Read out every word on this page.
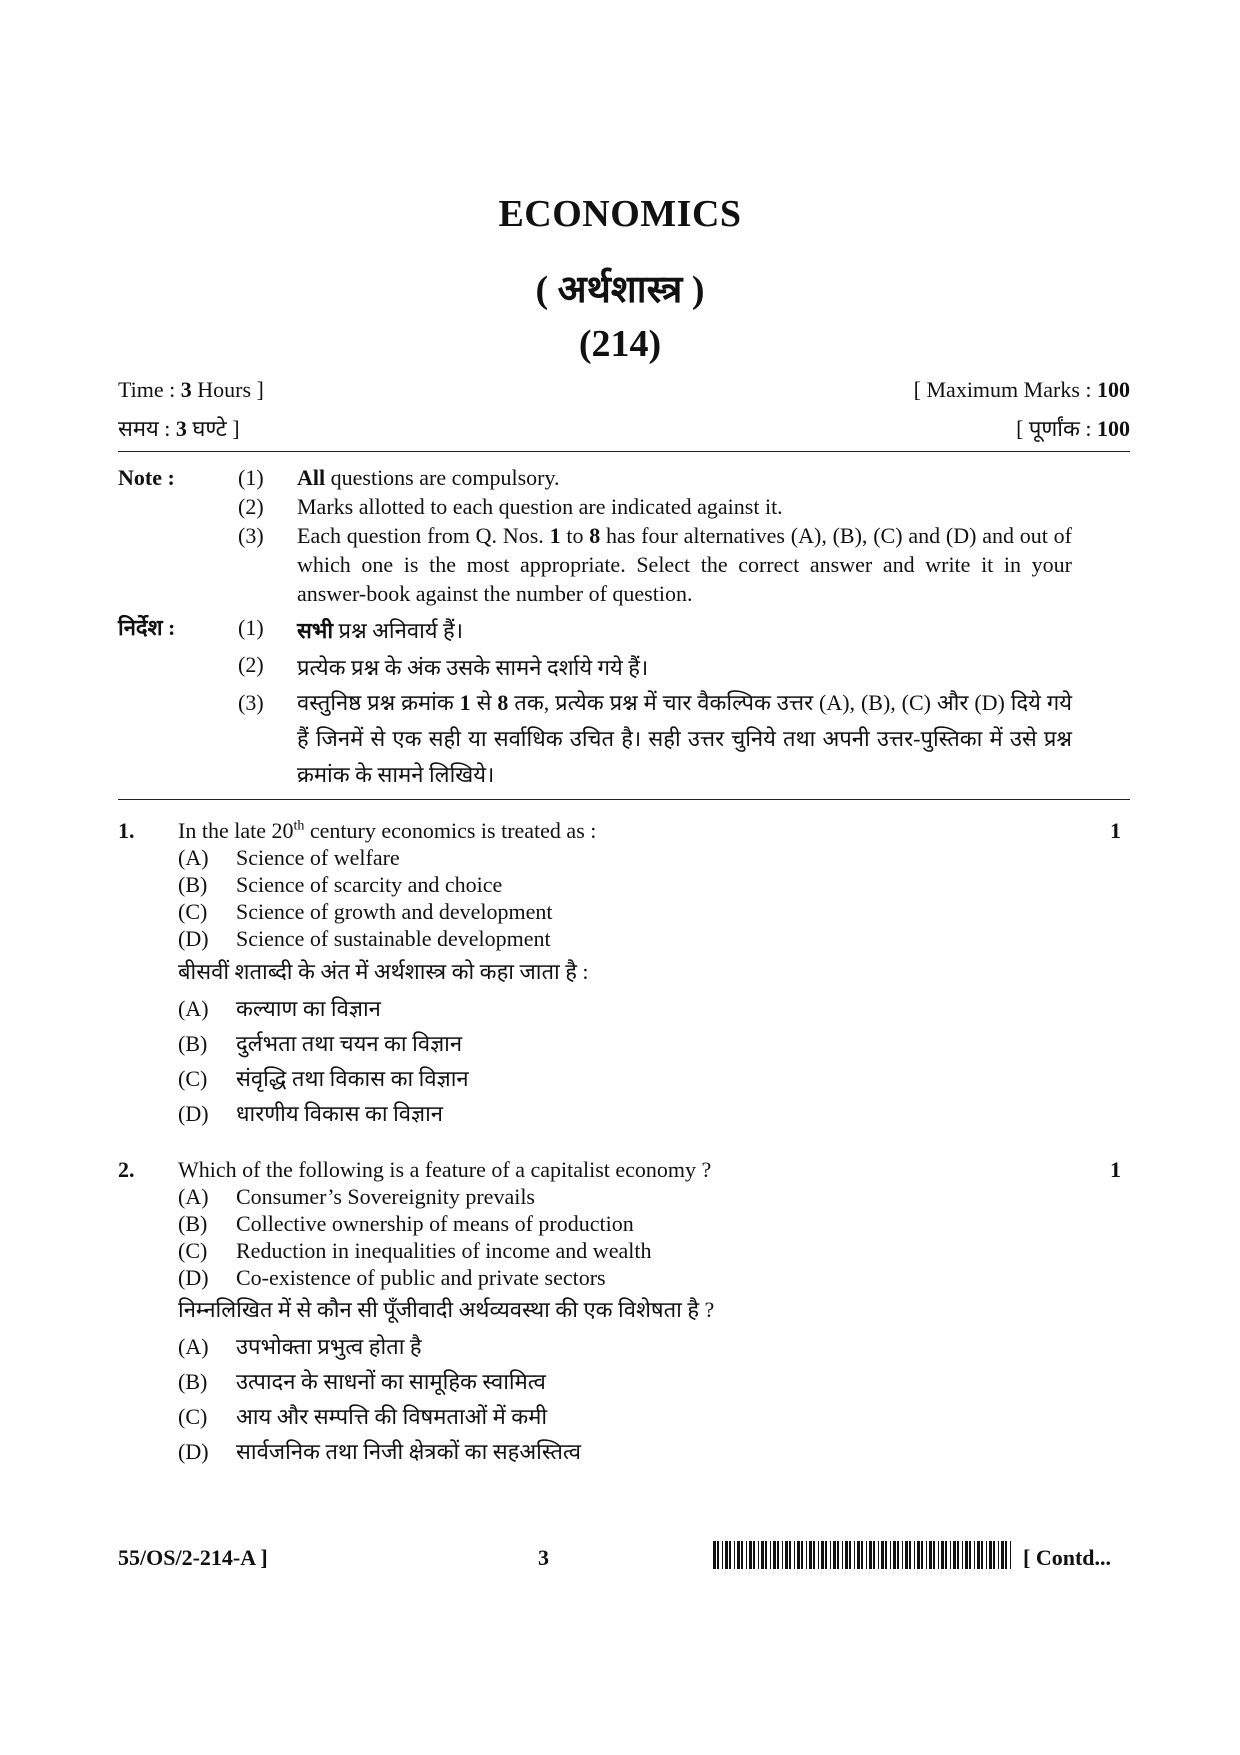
ECONOMICS
( अर्थशास्त्र )
(214)
Time : 3 Hours ]	[ Maximum Marks : 100
समय : 3 घण्टे ]	[ पूर्णांक : 100
Note :	(1) All questions are compulsory.
(2) Marks allotted to each question are indicated against it.
(3) Each question from Q. Nos. 1 to 8 has four alternatives (A), (B), (C) and (D) and out of which one is the most appropriate. Select the correct answer and write it in your answer-book against the number of question.
निर्देश :	(1) सभी प्रश्न अनिवार्य हैं।
(2) प्रत्येक प्रश्न के अंक उसके सामने दर्शाये गये हैं।
(3) वस्तुनिष्ठ प्रश्न क्रमांक 1 से 8 तक, प्रत्येक प्रश्न में चार वैकल्पिक उत्तर (A), (B), (C) और (D) दिये गये हैं जिनमें से एक सही या सर्वाधिक उचित है। सही उत्तर चुनिये तथा अपनी उत्तर-पुस्तिका में उसे प्रश्न क्रमांक के सामने लिखिये।
1. In the late 20th century economics is treated as :	1
(A) Science of welfare
(B) Science of scarcity and choice
(C) Science of growth and development
(D) Science of sustainable development
बीसवीं शताब्दी के अंत में अर्थशास्त्र को कहा जाता है :
(A) कल्याण का विज्ञान
(B) दुर्लभता तथा चयन का विज्ञान
(C) संवृद्धि तथा विकास का विज्ञान
(D) धारणीय विकास का विज्ञान
2. Which of the following is a feature of a capitalist economy ?	1
(A) Consumer’s Sovereignity prevails
(B) Collective ownership of means of production
(C) Reduction in inequalities of income and wealth
(D) Co-existence of public and private sectors
निम्नलिखित में से कौन सी पूँजीवादी अर्थव्यवस्था की एक विशेषता है ?
(A) उपभोक्ता प्रभुत्व होता है
(B) उत्पादन के साधनों का सामूहिक स्वामित्व
(C) आय और सम्पत्ति की विषमताओं में कमी
(D) सार्वजनिक तथा निजी क्षेत्रकों का सहअस्तित्व
55/OS/2-214-A ]	3	[ Contd...
